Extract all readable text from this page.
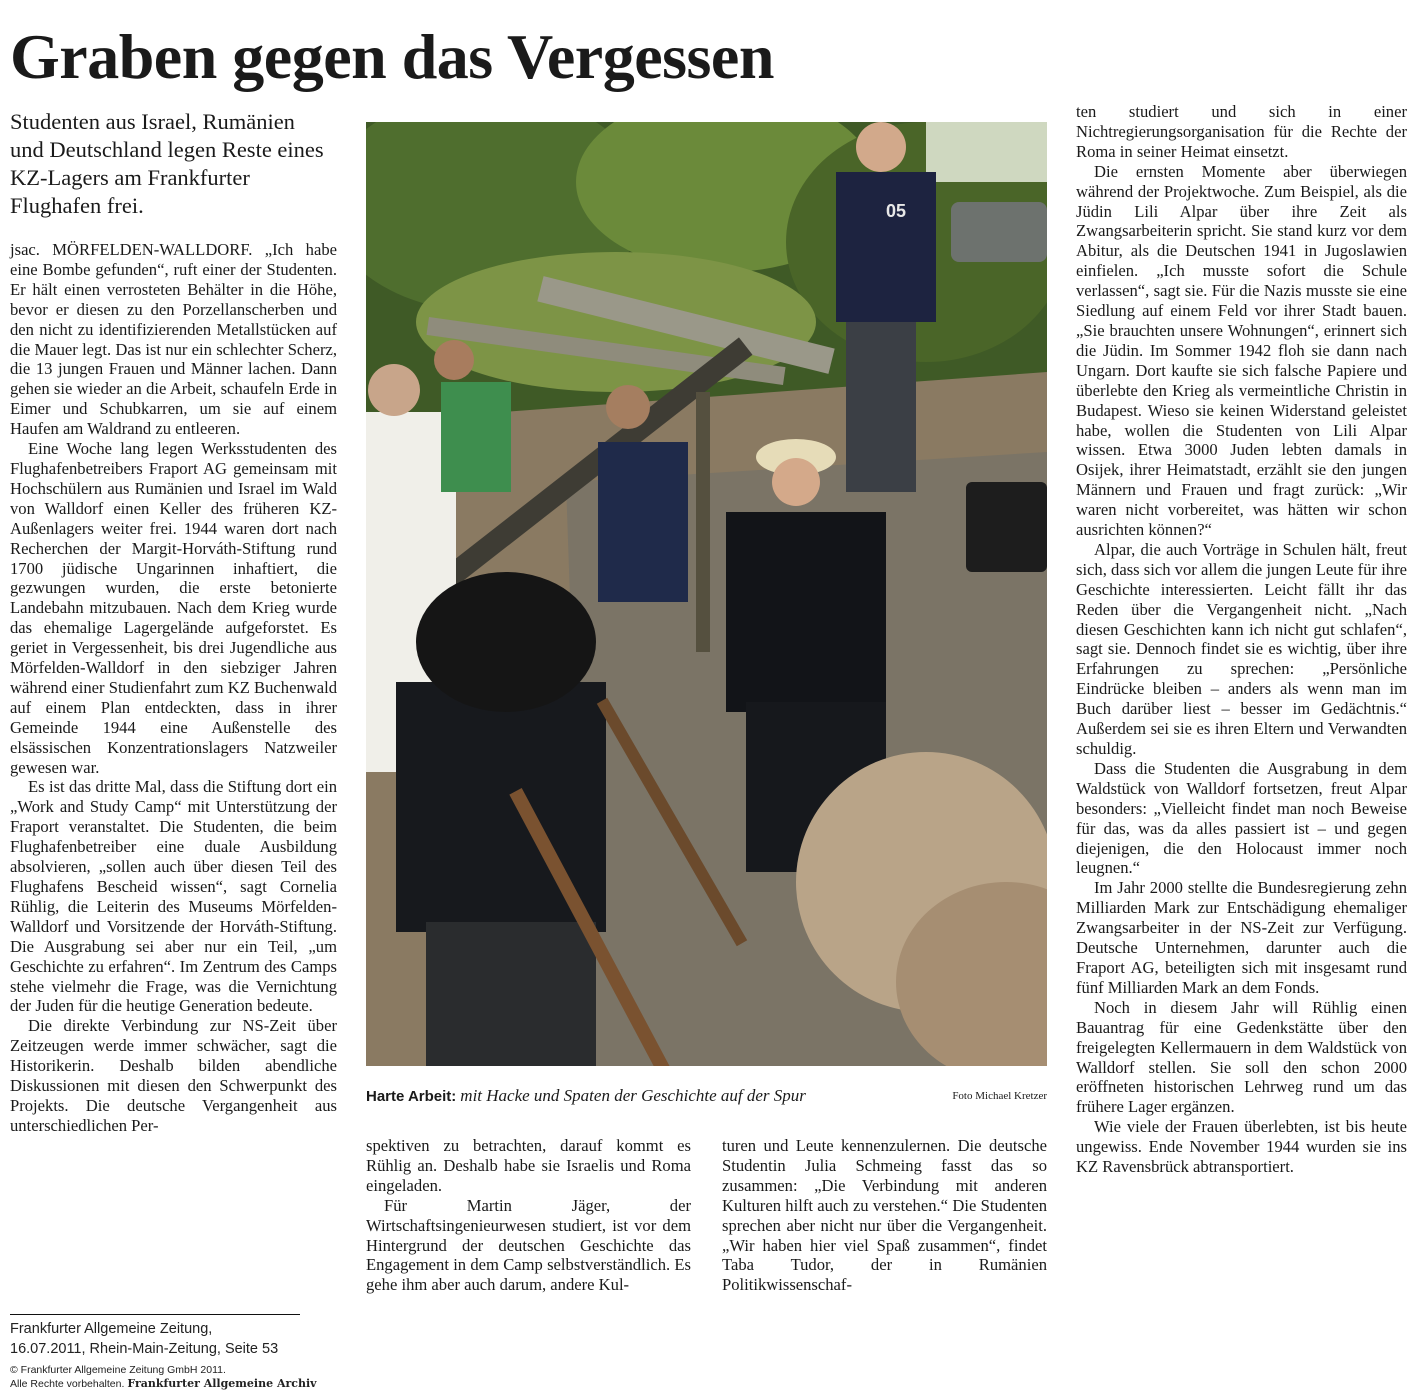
Graben gegen das Vergessen

Studenten aus Israel, Rumänien und Deutschland legen Reste eines KZ-Lagers am Frankfurter Flughafen frei.

jsac. MÖRFELDEN-WALLDORF. „Ich habe eine Bombe gefunden“, ruft einer der Studenten. Er hält einen verrosteten Behälter in die Höhe, bevor er diesen zu den Porzellanscherben und den nicht zu identifizierenden Metallstücken auf die Mauer legt. Das ist nur ein schlechter Scherz, die 13 jungen Frauen und Männer lachen. Dann gehen sie wieder an die Arbeit, schaufeln Erde in Eimer und Schubkarren, um sie auf einem Haufen am Waldrand zu entleeren.

Eine Woche lang legen Werksstudenten des Flughafenbetreibers Fraport AG gemeinsam mit Hochschülern aus Rumänien und Israel im Wald von Walldorf einen Keller des früheren KZ-Außenlagers weiter frei. 1944 waren dort nach Recherchen der Margit-Horváth-Stiftung rund 1700 jüdische Ungarinnen inhaftiert, die gezwungen wurden, die erste betonierte Landebahn mitzubauen. Nach dem Krieg wurde das ehemalige Lagergelände aufgeforstet. Es geriet in Vergessenheit, bis drei Jugendliche aus Mörfelden-Walldorf in den siebziger Jahren während einer Studienfahrt zum KZ Buchenwald auf einem Plan entdeckten, dass in ihrer Gemeinde 1944 eine Außenstelle des elsässischen Konzentrationslagers Natzweiler gewesen war.

Es ist das dritte Mal, dass die Stiftung dort ein „Work and Study Camp“ mit Unterstützung der Fraport veranstaltet. Die Studenten, die beim Flughafenbetreiber eine duale Ausbildung absolvieren, „sollen auch über diesen Teil des Flughafens Bescheid wissen“, sagt Cornelia Rühlig, die Leiterin des Museums Mörfelden-Walldorf und Vorsitzende der Horváth-Stiftung. Die Ausgrabung sei aber nur ein Teil, „um Geschichte zu erfahren“. Im Zentrum des Camps stehe vielmehr die Frage, was die Vernichtung der Juden für die heutige Generation bedeute.

Die direkte Verbindung zur NS-Zeit über Zeitzeugen werde immer schwächer, sagt die Historikerin. Deshalb bilden abendliche Diskussionen mit diesen den Schwerpunkt des Projekts. Die deutsche Vergangenheit aus unterschiedlichen Per-

05
Harte Arbeit: mit Hacke und Spaten der Geschichte auf der Spur	Foto Michael Kretzer

spektiven zu betrachten, darauf kommt es Rühlig an. Deshalb habe sie Israelis und Roma eingeladen.

Für Martin Jäger, der Wirtschaftsingenieurwesen studiert, ist vor dem Hintergrund der deutschen Geschichte das Engagement in dem Camp selbstverständlich. Es gehe ihm aber auch darum, andere Kul-

turen und Leute kennenzulernen. Die deutsche Studentin Julia Schmeing fasst das so zusammen: „Die Verbindung mit anderen Kulturen hilft auch zu verstehen.“ Die Studenten sprechen aber nicht nur über die Vergangenheit. „Wir haben hier viel Spaß zusammen“, findet Taba Tudor, der in Rumänien Politikwissenschaf-

ten studiert und sich in einer Nichtregierungsorganisation für die Rechte der Roma in seiner Heimat einsetzt.

Die ernsten Momente aber überwiegen während der Projektwoche. Zum Beispiel, als die Jüdin Lili Alpar über ihre Zeit als Zwangsarbeiterin spricht. Sie stand kurz vor dem Abitur, als die Deutschen 1941 in Jugoslawien einfielen. „Ich musste sofort die Schule verlassen“, sagt sie. Für die Nazis musste sie eine Siedlung auf einem Feld vor ihrer Stadt bauen. „Sie brauchten unsere Wohnungen“, erinnert sich die Jüdin. Im Sommer 1942 floh sie dann nach Ungarn. Dort kaufte sie sich falsche Papiere und überlebte den Krieg als vermeintliche Christin in Budapest. Wieso sie keinen Widerstand geleistet habe, wollen die Studenten von Lili Alpar wissen. Etwa 3000 Juden lebten damals in Osijek, ihrer Heimatstadt, erzählt sie den jungen Männern und Frauen und fragt zurück: „Wir waren nicht vorbereitet, was hätten wir schon ausrichten können?“

Alpar, die auch Vorträge in Schulen hält, freut sich, dass sich vor allem die jungen Leute für ihre Geschichte interessierten. Leicht fällt ihr das Reden über die Vergangenheit nicht. „Nach diesen Geschichten kann ich nicht gut schlafen“, sagt sie. Dennoch findet sie es wichtig, über ihre Erfahrungen zu sprechen: „Persönliche Eindrücke bleiben – anders als wenn man im Buch darüber liest – besser im Gedächtnis.“ Außerdem sei sie es ihren Eltern und Verwandten schuldig.

Dass die Studenten die Ausgrabung in dem Waldstück von Walldorf fortsetzen, freut Alpar besonders: „Vielleicht findet man noch Beweise für das, was da alles passiert ist – und gegen diejenigen, die den Holocaust immer noch leugnen.“

Im Jahr 2000 stellte die Bundesregierung zehn Milliarden Mark zur Entschädigung ehemaliger Zwangsarbeiter in der NS-Zeit zur Verfügung. Deutsche Unternehmen, darunter auch die Fraport AG, beteiligten sich mit insgesamt rund fünf Milliarden Mark an dem Fonds.

Noch in diesem Jahr will Rühlig einen Bauantrag für eine Gedenkstätte über den freigelegten Kellermauern in dem Waldstück von Walldorf stellen. Sie soll den schon 2000 eröffneten historischen Lehrweg rund um das frühere Lager ergänzen.

Wie viele der Frauen überlebten, ist bis heute ungewiss. Ende November 1944 wurden sie ins KZ Ravensbrück abtransportiert.

Frankfurter Allgemeine Zeitung,
16.07.2011, Rhein-Main-Zeitung, Seite 53
© Frankfurter Allgemeine Zeitung GmbH 2011.
Alle Rechte vorbehalten. Frankfurter Allgemeine Archiv
